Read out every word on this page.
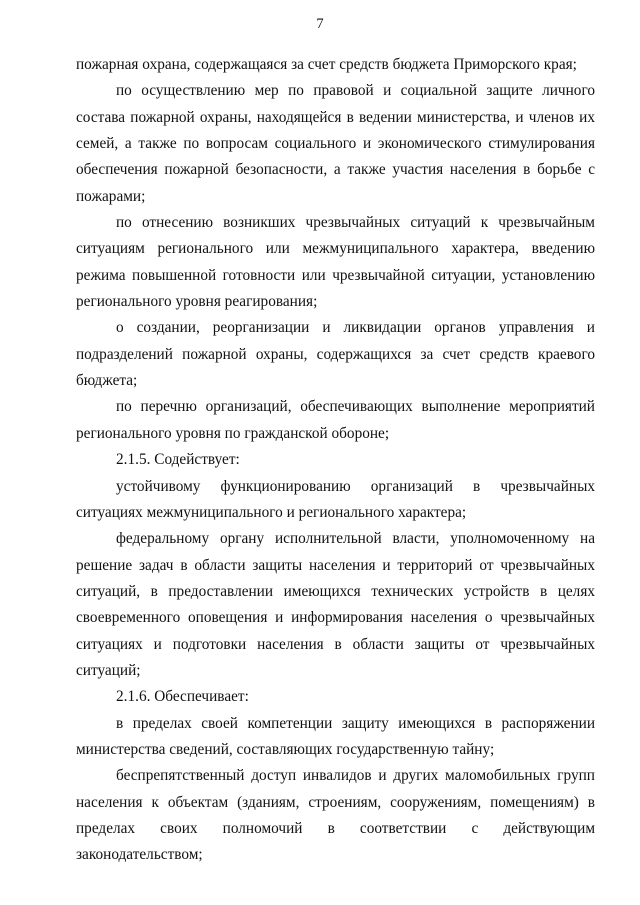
7

пожарная охрана, содержащаяся за счет средств бюджета Приморского края;

по осуществлению мер по правовой и социальной защите личного состава пожарной охраны, находящейся в ведении министерства, и членов их семей, а также по вопросам социального и экономического стимулирования обеспечения пожарной безопасности, а также участия населения в борьбе с пожарами;

по отнесению возникших чрезвычайных ситуаций к чрезвычайным ситуациям регионального или межмуниципального характера, введению режима повышенной готовности или чрезвычайной ситуации, установлению регионального уровня реагирования;

о создании, реорганизации и ликвидации органов управления и подразделений пожарной охраны, содержащихся за счет средств краевого бюджета;

по перечню организаций, обеспечивающих выполнение мероприятий регионального уровня по гражданской обороне;

2.1.5. Содействует:

устойчивому функционированию организаций в чрезвычайных ситуациях межмуниципального и регионального характера;

федеральному органу исполнительной власти, уполномоченному на решение задач в области защиты населения и территорий от чрезвычайных ситуаций, в предоставлении имеющихся технических устройств в целях своевременного оповещения и информирования населения о чрезвычайных ситуациях и подготовки населения в области защиты от чрезвычайных ситуаций;

2.1.6. Обеспечивает:

в пределах своей компетенции защиту имеющихся в распоряжении министерства сведений, составляющих государственную тайну;

беспрепятственный доступ инвалидов и других маломобильных групп населения к объектам (зданиям, строениям, сооружениям, помещениям) в пределах своих полномочий в соответствии с действующим законодательством;
